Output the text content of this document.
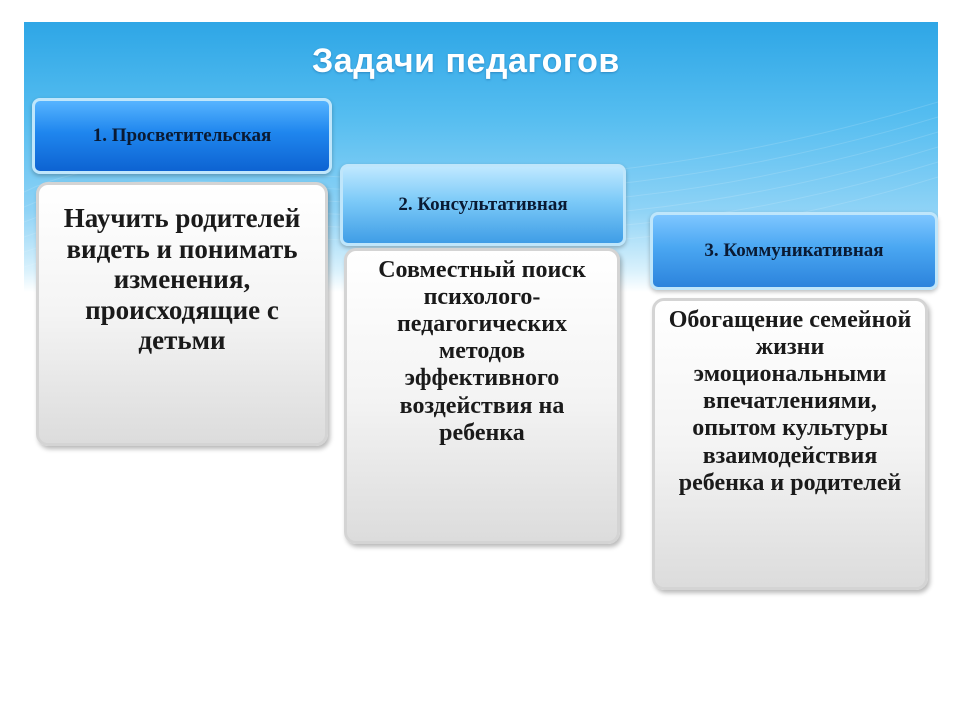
Задачи педагогов
1. Просветительская
Научить родителей видеть и понимать изменения, происходящие с детьми
2. Консультативная
Совместный поиск психолого-педагогических методов эффективного воздействия на ребенка
3. Коммуникативная
Обогащение семейной жизни эмоциональными впечатлениями, опытом культуры взаимодействия ребенка и родителей
